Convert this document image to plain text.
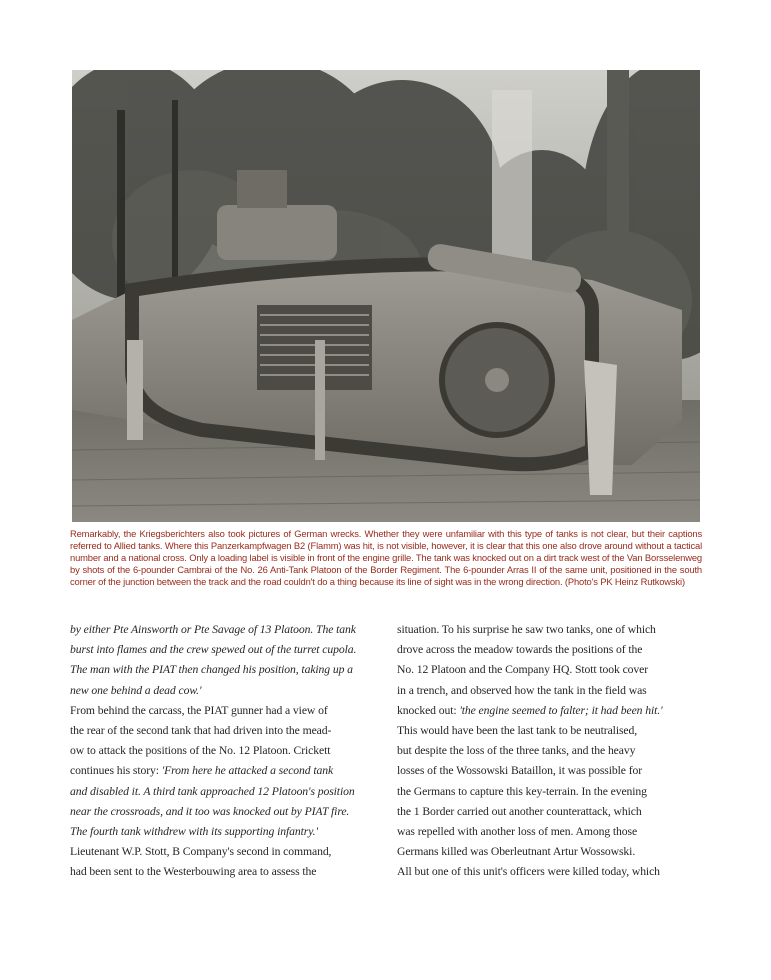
Remarkably, the Kriegsberichters also took pictures of German wrecks. Whether they were unfamiliar with this type of tanks is not clear, but their captions referred to Allied tanks. Where this Panzerkampfwagen B2 (Flamm) was hit, is not visible, however, it is clear that this one also drove around without a tactical number and a national cross. Only a loading label is visible in front of the engine grille. The tank was knocked out on a dirt track west of the Van Borsselenweg by shots of the 6-pounder Cambrai of the No. 26 Anti-Tank Platoon of the Border Regiment. The 6-pounder Arras II of the same unit, positioned in the south corner of the junction between the track and the road couldn't do a thing because its line of sight was in the wrong direction. (Photo's PK Heinz Rutkowski)
by either Pte Ainsworth or Pte Savage of 13 Platoon. The tank
burst into flames and the crew spewed out of the turret cupola.
The man with the PIAT then changed his position, taking up a
new one behind a dead cow.'
From behind the carcass, the PIAT gunner had a view of
the rear of the second tank that had driven into the mead-
ow to attack the positions of the No. 12 Platoon. Crickett
continues his story: 'From here he attacked a second tank
and disabled it. A third tank approached 12 Platoon's position
near the crossroads, and it too was knocked out by PIAT fire.
The fourth tank withdrew with its supporting infantry.'
Lieutenant W.P. Stott, B Company's second in command,
had been sent to the Westerbouwing area to assess the
situation. To his surprise he saw two tanks, one of which
drove across the meadow towards the positions of the
No. 12 Platoon and the Company HQ. Stott took cover
in a trench, and observed how the tank in the field was
knocked out: 'the engine seemed to falter; it had been hit.'
This would have been the last tank to be neutralised,
but despite the loss of the three tanks, and the heavy
losses of the Wossowski Bataillon, it was possible for
the Germans to capture this key-terrain. In the evening
the 1 Border carried out another counterattack, which
was repelled with another loss of men. Among those
Germans killed was Oberleutnant Artur Wossowski.
All but one of this unit's officers were killed today, which
